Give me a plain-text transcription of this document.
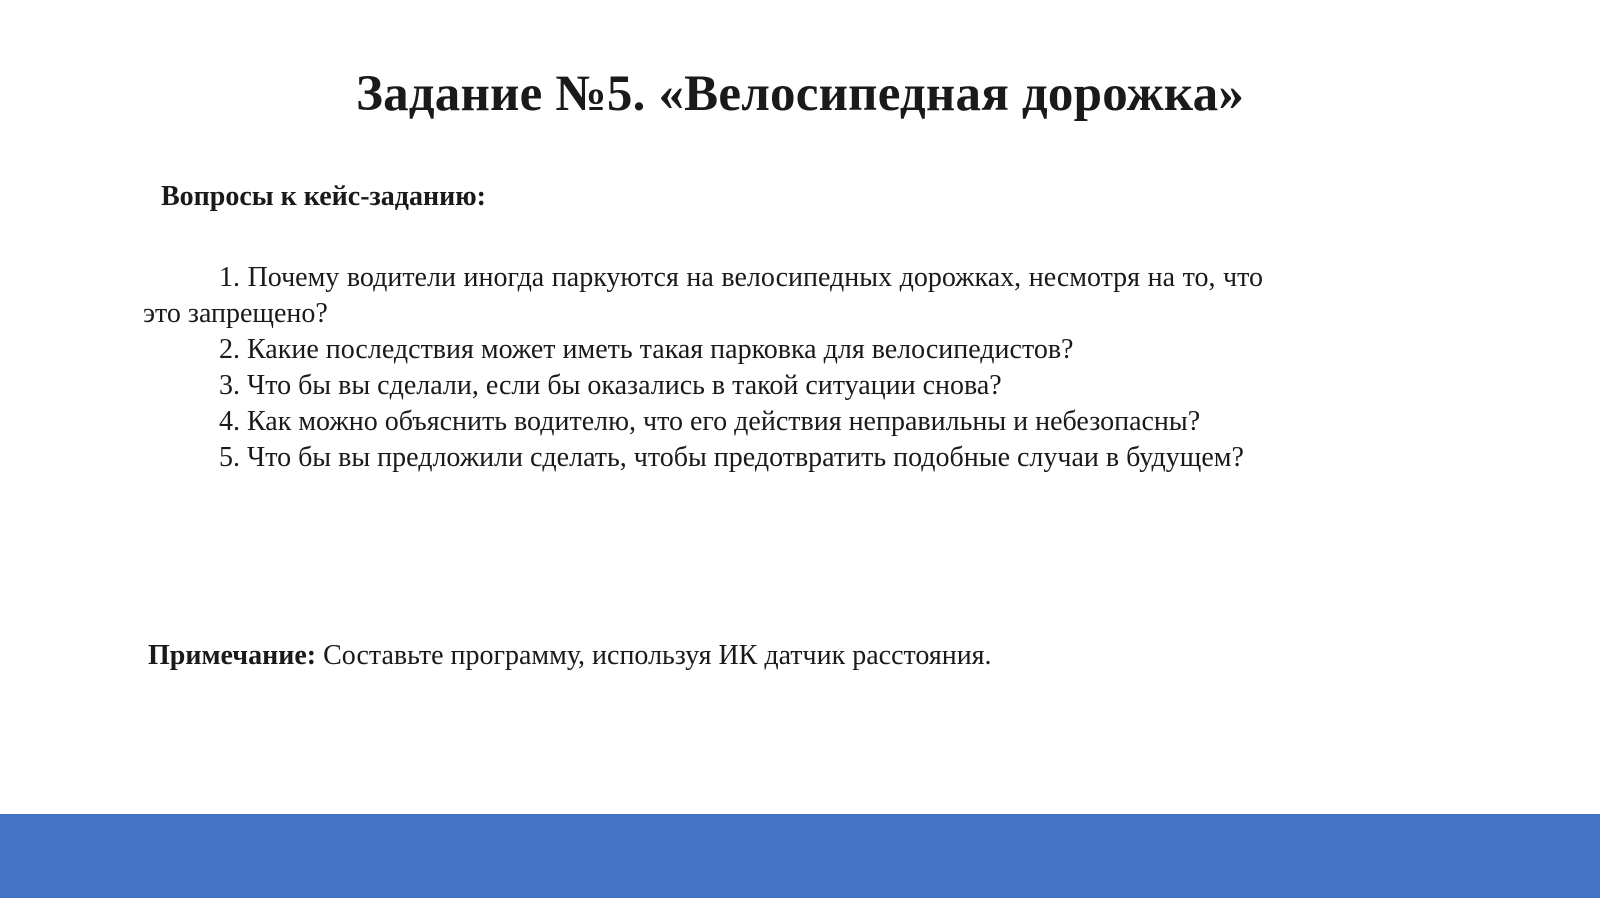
Задание №5. «Велосипедная дорожка»
Вопросы к кейс-заданию:
1. Почему водители иногда паркуются на велосипедных дорожках, несмотря на то, что это запрещено?
2. Какие последствия может иметь такая парковка для велосипедистов?
3. Что бы вы сделали, если бы оказались в такой ситуации снова?
4. Как можно объяснить водителю, что его действия неправильны и небезопасны?
5. Что бы вы предложили сделать, чтобы предотвратить подобные случаи в будущем?

Примечание: Составьте программу, используя ИК датчик расстояния.
